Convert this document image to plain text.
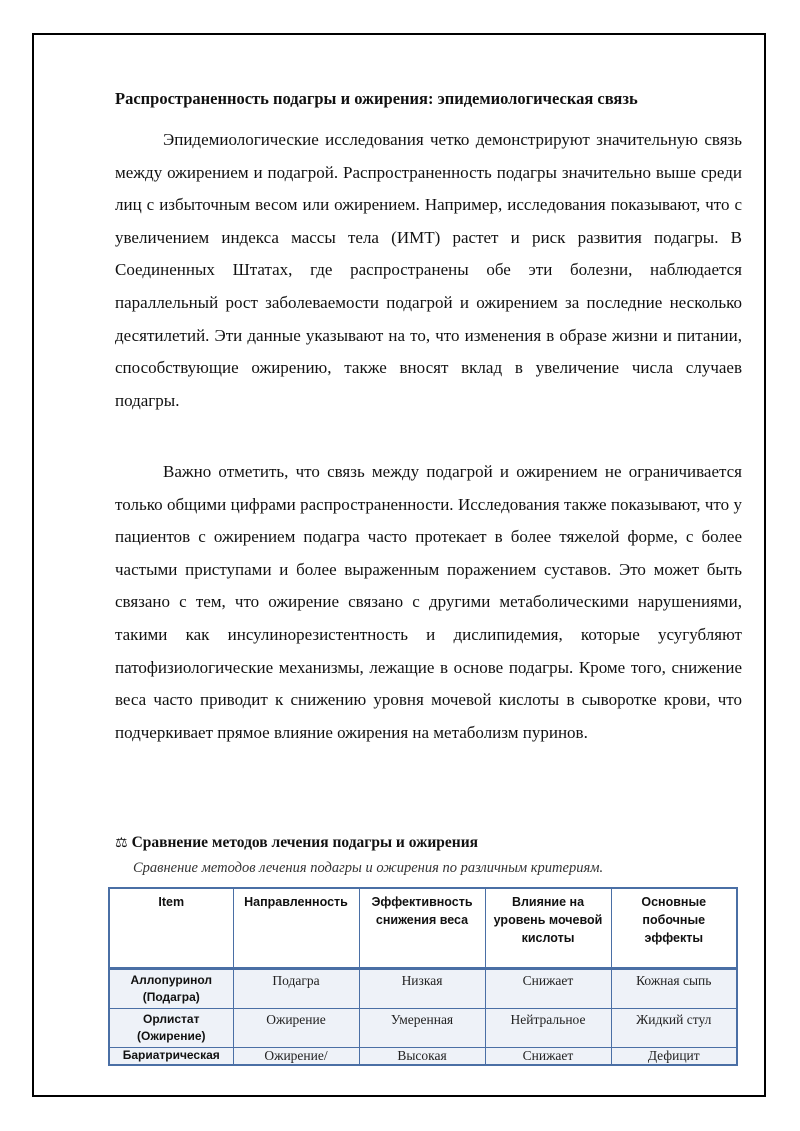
Распространенность подагры и ожирения: эпидемиологическая связь

Эпидемиологические исследования четко демонстрируют значительную связь между ожирением и подагрой. Распространенность подагры значительно выше среди лиц с избыточным весом или ожирением. Например, исследования показывают, что с увеличением индекса массы тела (ИМТ) растет и риск развития подагры. В Соединенных Штатах, где распространены обе эти болезни, наблюдается параллельный рост заболеваемости подагрой и ожирением за последние несколько десятилетий. Эти данные указывают на то, что изменения в образе жизни и питании, способствующие ожирению, также вносят вклад в увеличение числа случаев подагры.

Важно отметить, что связь между подагрой и ожирением не ограничивается только общими цифрами распространенности. Исследования также показывают, что у пациентов с ожирением подагра часто протекает в более тяжелой форме, с более частыми приступами и более выраженным поражением суставов. Это может быть связано с тем, что ожирение связано с другими метаболическими нарушениями, такими как инсулинорезистентность и дислипидемия, которые усугубляют патофизиологические механизмы, лежащие в основе подагры. Кроме того, снижение веса часто приводит к снижению уровня мочевой кислоты в сыворотке крови, что подчеркивает прямое влияние ожирения на метаболизм пуринов.

⚖ Сравнение методов лечения подагры и ожирения
Сравнение методов лечения подагры и ожирения по различным критериям.
Item	Направленность	Эффективность снижения веса	Влияние на уровень мочевой кислоты	Основные побочные эффекты
Аллопуринол (Подагра)	Подагра	Низкая	Снижает	Кожная сыпь
Орлистат (Ожирение)	Ожирение	Умеренная	Нейтральное	Жидкий стул
Бариатрическая	Ожирение/	Высокая	Снижает	Дефицит
